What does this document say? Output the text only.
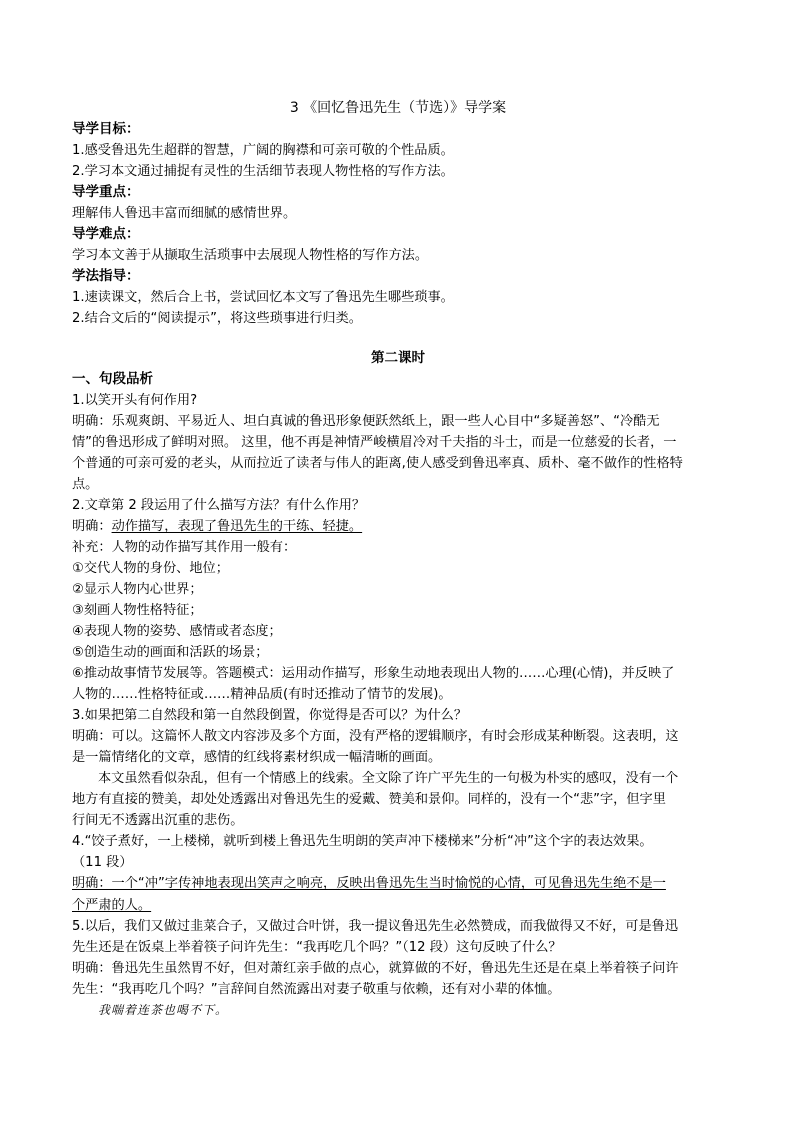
3 《回忆鲁迅先生（节选）》导学案
导学目标：
1.感受鲁迅先生超群的智慧，广阔的胸襟和可亲可敬的个性品质。
2.学习本文通过捕捉有灵性的生活细节表现人物性格的写作方法。
导学重点：
理解伟人鲁迅丰富而细腻的感情世界。
导学难点：
学习本文善于从撷取生活琐事中去展现人物性格的写作方法。
学法指导：
1.速读课文，然后合上书，尝试回忆本文写了鲁迅先生哪些琐事。
2.结合文后的“阅读提示”，将这些琐事进行归类。
第二课时
一、句段品析
1.以笑开头有何作用?
明确：乐观爽朗、平易近人、坦白真诚的鲁迅形象便跃然纸上，跟一些人心目中“多疑善怒”、“冷酷无
情”的鲁迅形成了鲜明对照。 这里，他不再是神情严峻横眉冷对千夫指的斗士，而是一位慈爱的长者，一
个普通的可亲可爱的老头，从而拉近了读者与伟人的距离,使人感受到鲁迅率真、质朴、毫不做作的性格特
点。
2.文章第 2 段运用了什么描写方法？有什么作用？
明确：动作描写，表现了鲁迅先生的干练、轻捷。
补充：人物的动作描写其作用一般有：
①交代人物的身份、地位；
②显示人物内心世界；
③刻画人物性格特征；
④表现人物的姿势、感情或者态度；
⑤创造生动的画面和活跃的场景；
⑥推动故事情节发展等。答题模式：运用动作描写，形象生动地表现出人物的……心理(心情)，并反映了
人物的……性格特征或……精神品质(有时还推动了情节的发展)。
3.如果把第二自然段和第一自然段倒置，你觉得是否可以？为什么？
明确：可以。这篇怀人散文内容涉及多个方面，没有严格的逻辑顺序，有时会形成某种断裂。这表明，这
是一篇情绪化的文章，感情的红线将素材织成一幅清晰的画面。
本文虽然看似杂乱，但有一个情感上的线索。全文除了许广平先生的一句极为朴实的感叹，没有一个
地方有直接的赞美，却处处透露出对鲁迅先生的爱戴、赞美和景仰。同样的，没有一个“悲”字，但字里
行间无不透露出沉重的悲伤。
4.“饺子煮好，一上楼梯，就听到楼上鲁迅先生明朗的笑声冲下楼梯来”分析“冲”这个字的表达效果。
（11 段）
明确：一个“冲”字传神地表现出笑声之响亮，反映出鲁迅先生当时愉悦的心情，可见鲁迅先生绝不是一
个严肃的人。
5.以后，我们又做过韭菜合子，又做过合叶饼，我一提议鲁迅先生必然赞成，而我做得又不好，可是鲁迅
先生还是在饭桌上举着筷子问许先生：“我再吃几个吗？”（12 段）这句反映了什么？
明确：鲁迅先生虽然胃不好，但对萧红亲手做的点心，就算做的不好，鲁迅先生还是在桌上举着筷子问许
先生：“我再吃几个吗？”言辞间自然流露出对妻子敬重与依赖，还有对小辈的体恤。
我喘着连茶也喝不下。
